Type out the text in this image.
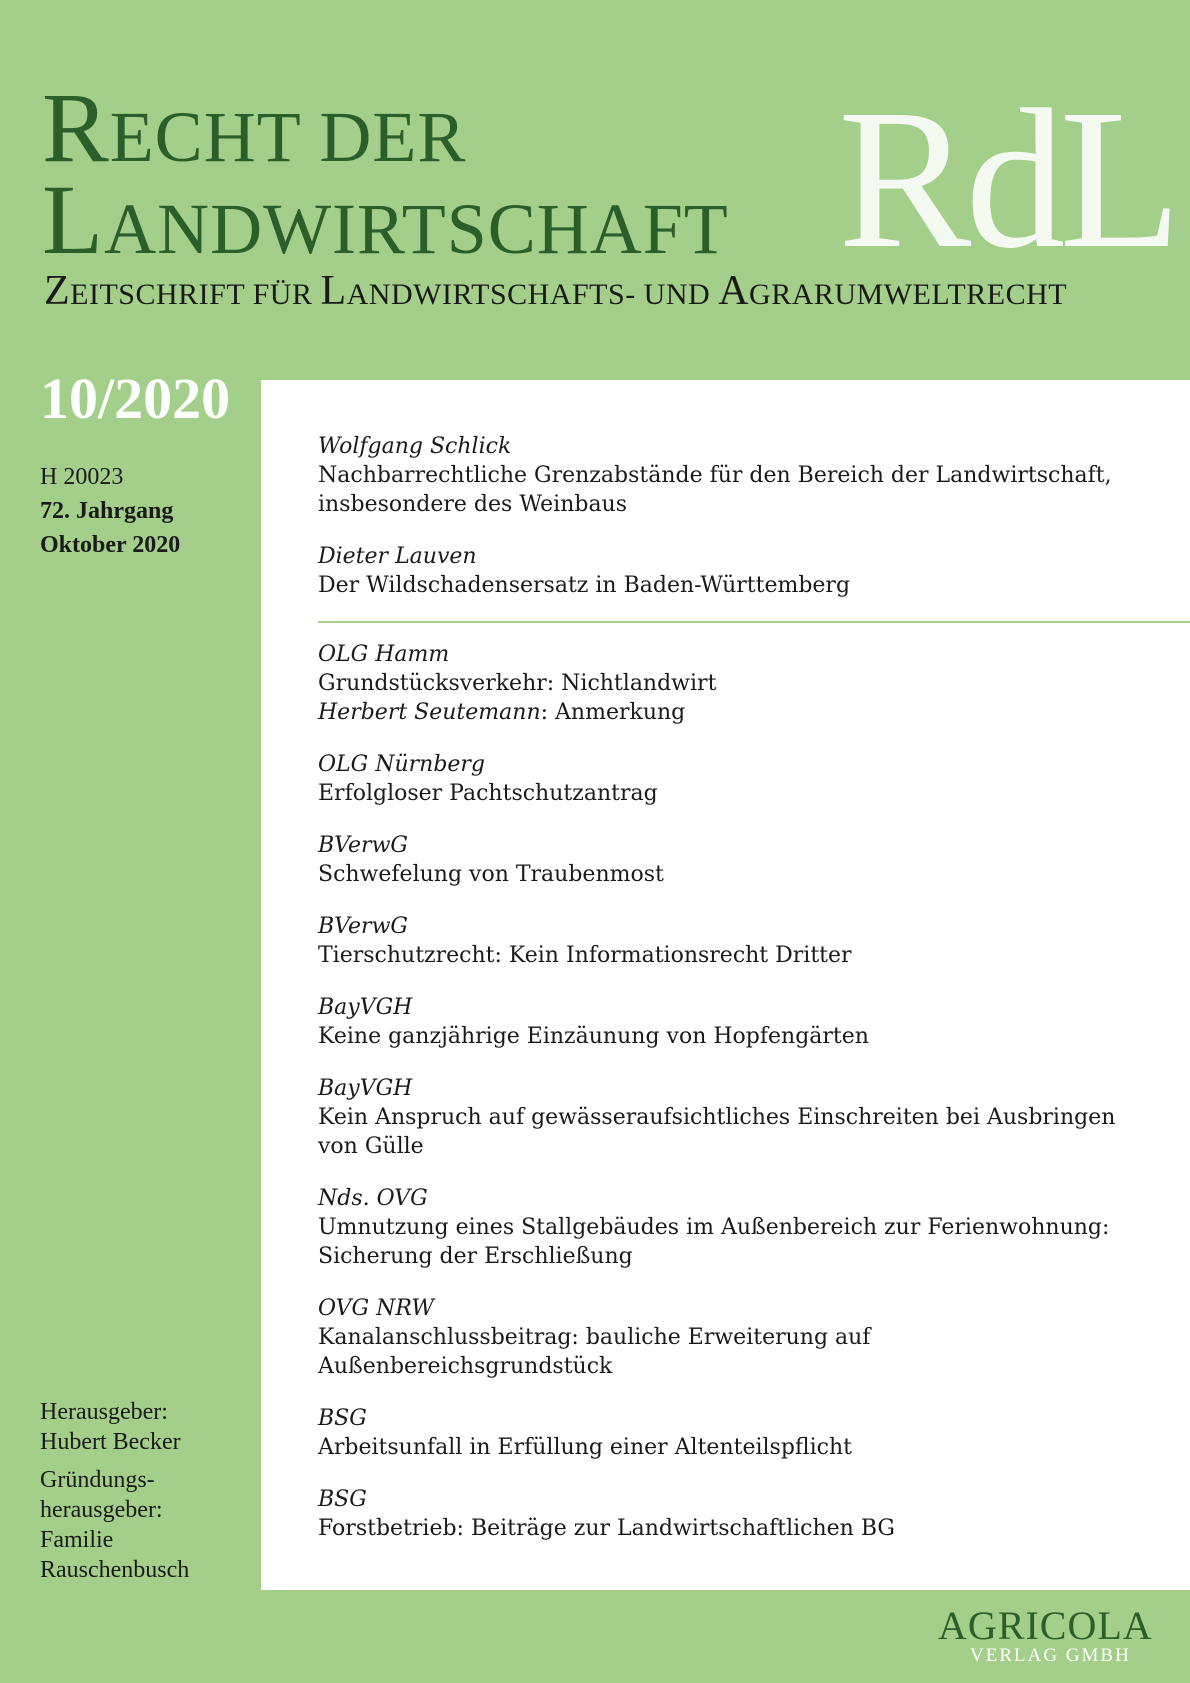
RECHT DER
LANDWIRTSCHAFT RdL
ZEITSCHRIFT FÜR LANDWIRTSCHAFTS- UND AGRARUMWELTRECHT
10/2020
H 20023
72. Jahrgang
Oktober 2020
Wolfgang Schlick
Nachbarrechtliche Grenzabstände für den Bereich der Landwirtschaft,
insbesondere des Weinbaus
Dieter Lauven
Der Wildschadensersatz in Baden-Württemberg
OLG Hamm
Grundstücksverkehr: Nichtlandwirt
Herbert Seutemann: Anmerkung
OLG Nürnberg
Erfolgloser Pachtschutzantrag
BVerwG
Schwefelung von Traubenmost
BVerwG
Tierschutzrecht: Kein Informationsrecht Dritter
BayVGH
Keine ganzjährige Einzäunung von Hopfengärten
BayVGH
Kein Anspruch auf gewässeraufsichtliches Einschreiten bei Ausbringen
von Gülle
Nds. OVG
Umnutzung eines Stallgebäudes im Außenbereich zur Ferienwohnung:
Sicherung der Erschließung
OVG NRW
Kanalanschlussbeitrag: bauliche Erweiterung auf
Außenbereichsgrundstück
BSG
Arbeitsunfall in Erfüllung einer Altenteilspflicht
BSG
Forstbetrieb: Beiträge zur Landwirtschaftlichen BG
Herausgeber:
Hubert Becker
Gründungs-
herausgeber:
Familie
Rauschenbusch
AGRICOLA
VERLAG GMBH
